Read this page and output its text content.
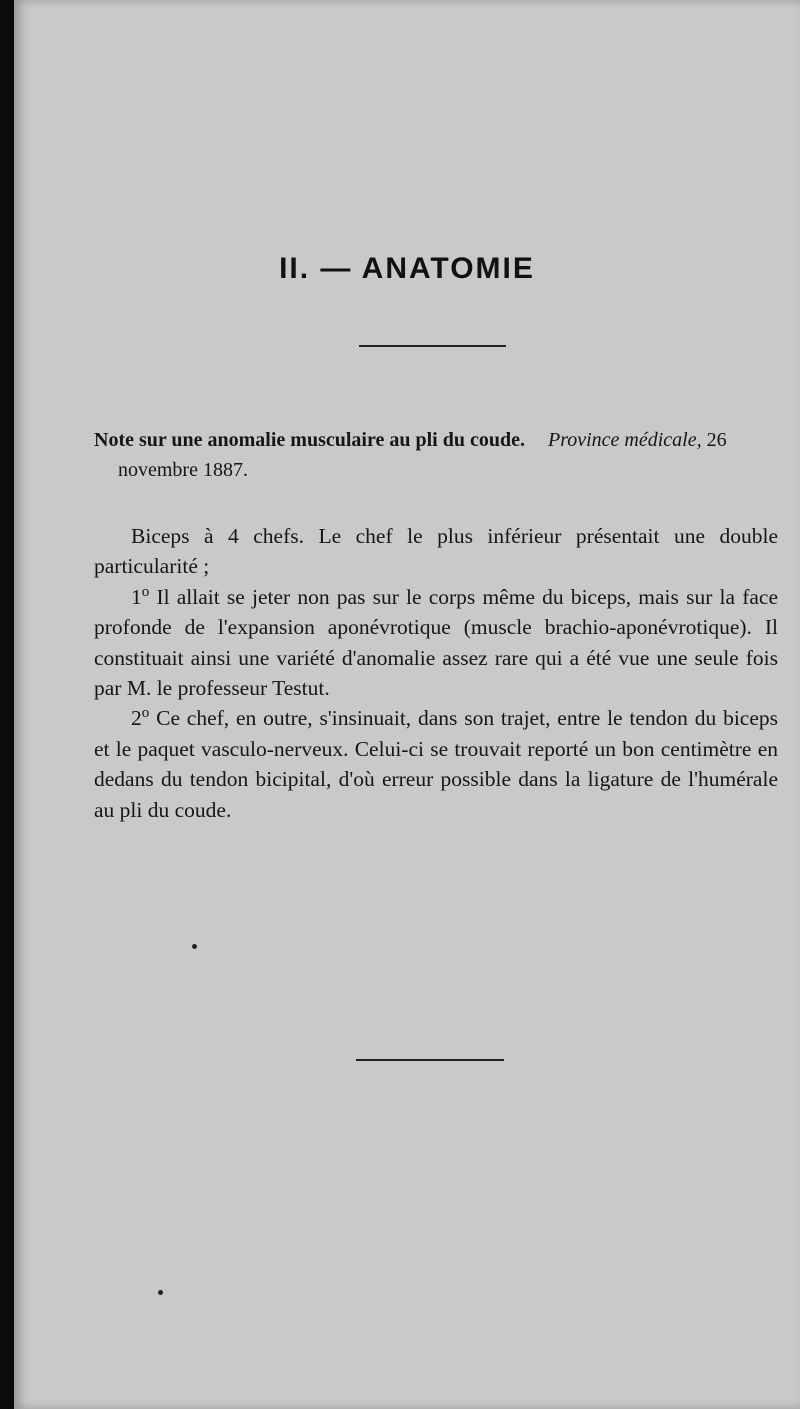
II. — ANATOMIE
Note sur une anomalie musculaire au pli du coude. Province médicale, 26
novembre 1887.

Biceps à 4 chefs. Le chef le plus inférieur présentait une double particularité ;

1$^o$ Il allait se jeter non pas sur le corps même du biceps, mais sur la face profonde de l'expansion aponévrotique (muscle brachio-aponévrotique). Il constituait ainsi une variété d'anomalie assez rare qui a été vue une seule fois par M. le professeur Testut.

2$^o$ Ce chef, en outre, s'insinuait, dans son trajet, entre le tendon du biceps et le paquet vasculo-nerveux. Celui-ci se trouvait reporté un bon centimètre en dedans du tendon bicipital, d'où erreur possible dans la ligature de l'humérale au pli du coude.
